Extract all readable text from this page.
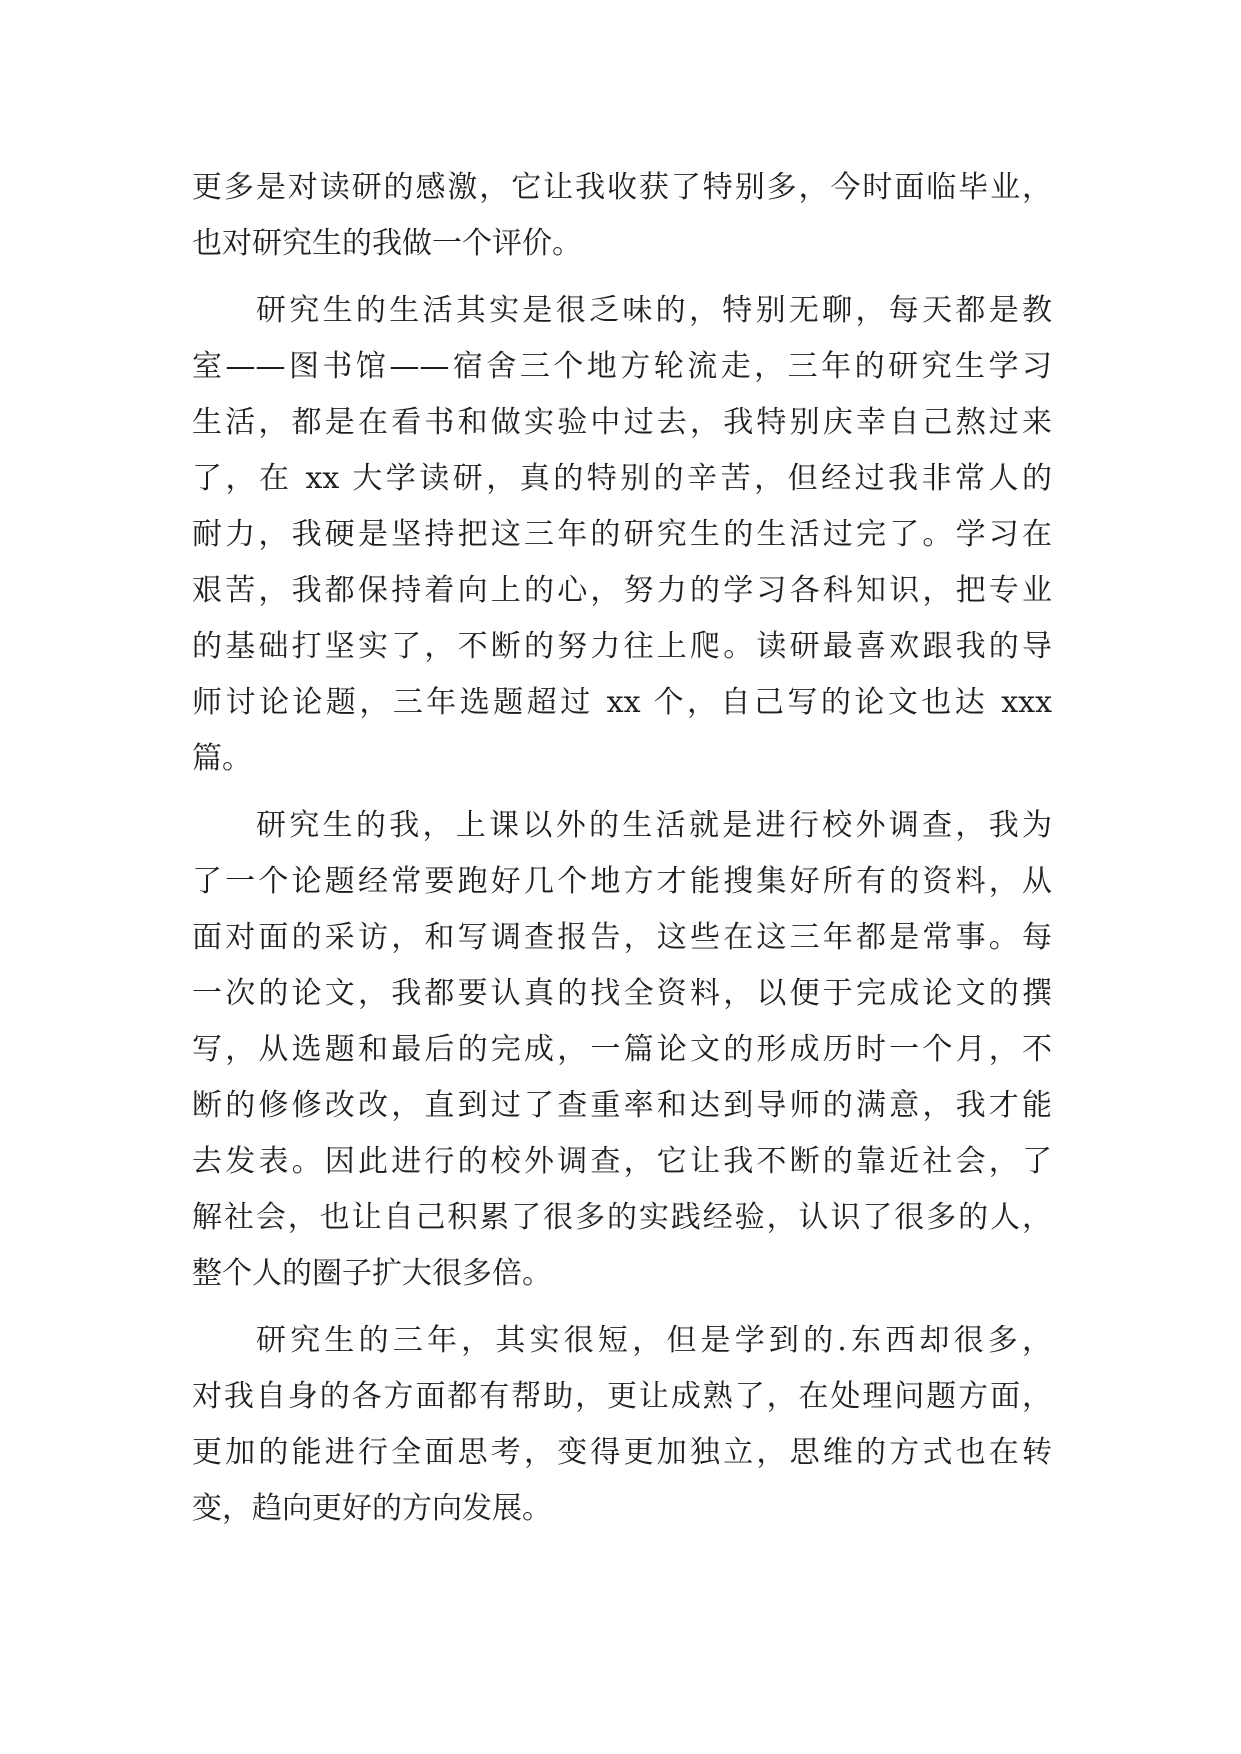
更多是对读研的感激，它让我收获了特别多，今时面临毕业，
也对研究生的我做一个评价。
研究生的生活其实是很乏味的，特别无聊，每天都是教
室——图书馆——宿舍三个地方轮流走，三年的研究生学习
生活，都是在看书和做实验中过去，我特别庆幸自己熬过来
了，在 xx 大学读研，真的特别的辛苦，但经过我非常人的
耐力，我硬是坚持把这三年的研究生的生活过完了。学习在
艰苦，我都保持着向上的心，努力的学习各科知识，把专业
的基础打坚实了，不断的努力往上爬。读研最喜欢跟我的导
师讨论论题，三年选题超过 xx 个，自己写的论文也达 xxx
篇。
研究生的我，上课以外的生活就是进行校外调查，我为
了一个论题经常要跑好几个地方才能搜集好所有的资料，从
面对面的采访，和写调查报告，这些在这三年都是常事。每
一次的论文，我都要认真的找全资料，以便于完成论文的撰
写，从选题和最后的完成，一篇论文的形成历时一个月，不
断的修修改改，直到过了查重率和达到导师的满意，我才能
去发表。因此进行的校外调查，它让我不断的靠近社会，了
解社会，也让自己积累了很多的实践经验，认识了很多的人，
整个人的圈子扩大很多倍。
研究生的三年，其实很短，但是学到的.东西却很多，
对我自身的各方面都有帮助，更让成熟了，在处理问题方面，
更加的能进行全面思考，变得更加独立，思维的方式也在转
变，趋向更好的方向发展。
